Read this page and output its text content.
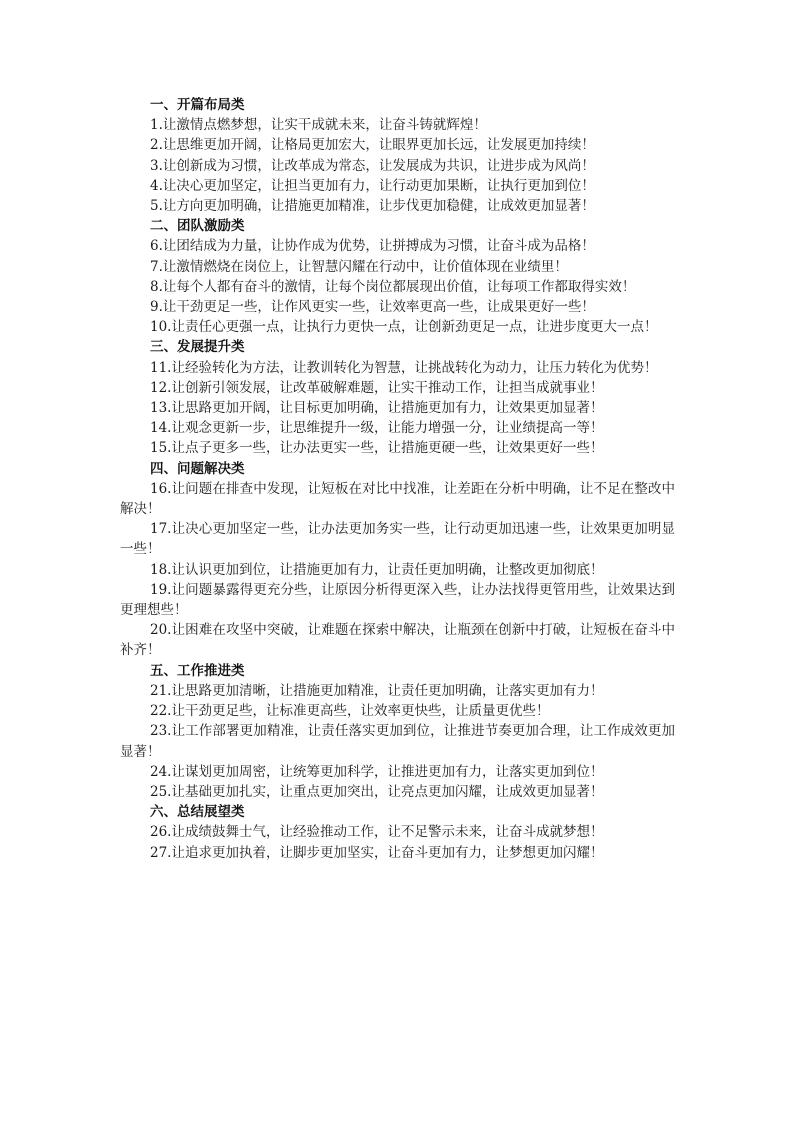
一、开篇布局类

1.让激情点燃梦想，让实干成就未来，让奋斗铸就辉煌！

2.让思维更加开阔，让格局更加宏大，让眼界更加长远，让发展更加持续！

3.让创新成为习惯，让改革成为常态，让发展成为共识，让进步成为风尚！

4.让决心更加坚定，让担当更加有力，让行动更加果断，让执行更加到位！

5.让方向更加明确，让措施更加精准，让步伐更加稳健，让成效更加显著！

二、团队激励类

6.让团结成为力量，让协作成为优势，让拼搏成为习惯，让奋斗成为品格！

7.让激情燃烧在岗位上，让智慧闪耀在行动中，让价值体现在业绩里！

8.让每个人都有奋斗的激情，让每个岗位都展现出价值，让每项工作都取得实效！

9.让干劲更足一些，让作风更实一些，让效率更高一些，让成果更好一些！

10.让责任心更强一点，让执行力更快一点，让创新劲更足一点，让进步度更大一点！

三、发展提升类

11.让经验转化为方法，让教训转化为智慧，让挑战转化为动力，让压力转化为优势！

12.让创新引领发展，让改革破解难题，让实干推动工作，让担当成就事业！

13.让思路更加开阔，让目标更加明确，让措施更加有力，让效果更加显著！

14.让观念更新一步，让思维提升一级，让能力增强一分，让业绩提高一等！

15.让点子更多一些，让办法更实一些，让措施更硬一些，让效果更好一些！

四、问题解决类

16.让问题在排查中发现，让短板在对比中找准，让差距在分析中明确，让不足在整改中解决！

17.让决心更加坚定一些，让办法更加务实一些，让行动更加迅速一些，让效果更加明显一些！

18.让认识更加到位，让措施更加有力，让责任更加明确，让整改更加彻底！

19.让问题暴露得更充分些，让原因分析得更深入些，让办法找得更管用些，让效果达到更理想些！

20.让困难在攻坚中突破，让难题在探索中解决，让瓶颈在创新中打破，让短板在奋斗中补齐！

五、工作推进类

21.让思路更加清晰，让措施更加精准，让责任更加明确，让落实更加有力！

22.让干劲更足些，让标准更高些，让效率更快些，让质量更优些！

23.让工作部署更加精准，让责任落实更加到位，让推进节奏更加合理，让工作成效更加显著！

24.让谋划更加周密，让统筹更加科学，让推进更加有力，让落实更加到位！

25.让基础更加扎实，让重点更加突出，让亮点更加闪耀，让成效更加显著！

六、总结展望类

26.让成绩鼓舞士气，让经验推动工作，让不足警示未来，让奋斗成就梦想！

27.让追求更加执着，让脚步更加坚实，让奋斗更加有力，让梦想更加闪耀！
